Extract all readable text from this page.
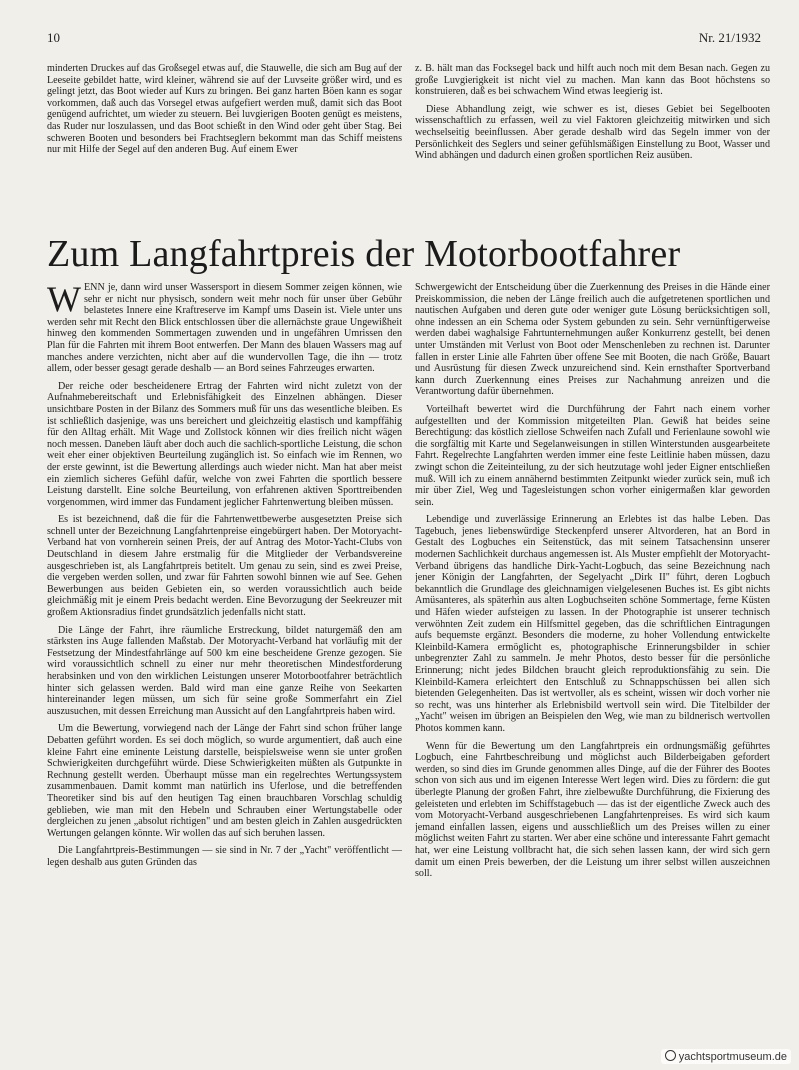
10	Nr. 21/1932

minderten Druckes auf das Großsegel etwas auf, die Stauwelle, die sich am Bug auf der Leeseite gebildet hatte, wird kleiner, während sie auf der Luvseite größer wird, und es gelingt jetzt, das Boot wieder auf Kurs zu bringen. Bei ganz harten Böen kann es sogar vorkommen, daß auch das Vorsegel etwas aufgefiert werden muß, damit sich das Boot genügend aufrichtet, um wieder zu steuern. Bei luvgierigen Booten genügt es meistens, das Ruder nur loszulassen, und das Boot schießt in den Wind oder geht über Stag. Bei schweren Booten und besonders bei Frachtseglern bekommt man das Schiff meistens nur mit Hilfe der Segel auf den anderen Bug. Auf einem Ewer

z. B. hält man das Focksegel back und hilft auch noch mit dem Besan nach. Gegen zu große Luvgierigkeit ist nicht viel zu machen. Man kann das Boot höchstens so konstruieren, daß es bei schwachem Wind etwas leegierig ist.

Diese Abhandlung zeigt, wie schwer es ist, dieses Gebiet bei Segelbooten wissenschaftlich zu erfassen, weil zu viel Faktoren gleichzeitig mitwirken und sich wechselseitig beeinflussen. Aber gerade deshalb wird das Segeln immer von der Persönlichkeit des Seglers und seiner gefühlsmäßigen Einstellung zu Boot, Wasser und Wind abhängen und dadurch einen großen sportlichen Reiz ausüben.

Zum Langfahrtpreis der Motorbootfahrer

WENN je, dann wird unser Wassersport in diesem Sommer zeigen können, wie sehr er nicht nur physisch, sondern weit mehr noch für unser über Gebühr belastetes Innere eine Kraftreserve im Kampf ums Dasein ist. Viele unter uns werden sehr mit Recht den Blick entschlossen über die allernächste graue Ungewißheit hinweg den kommenden Sommertagen zuwenden und in ungefähren Umrissen den Plan für die Fahrten mit ihrem Boot entwerfen. Der Mann des blauen Wassers mag auf manches andere verzichten, nicht aber auf die wundervollen Tage, die ihn — trotz allem, oder besser gesagt gerade deshalb — an Bord seines Fahrzeuges erwarten.

Der reiche oder bescheidenere Ertrag der Fahrten wird nicht zuletzt von der Aufnahmebereitschaft und Erlebnisfähigkeit des Einzelnen abhängen. Dieser unsichtbare Posten in der Bilanz des Sommers muß für uns das wesentliche bleiben. Es ist schließlich dasjenige, was uns bereichert und gleichzeitig elastisch und kampffähig für den Alltag erhält. Mit Wage und Zollstock können wir dies freilich nicht wägen noch messen. Daneben läuft aber doch auch die sachlich-sportliche Leistung, die schon weit eher einer objektiven Beurteilung zugänglich ist. So einfach wie im Rennen, wo der erste gewinnt, ist die Bewertung allerdings auch wieder nicht. Man hat aber meist ein ziemlich sicheres Gefühl dafür, welche von zwei Fahrten die sportlich bessere Leistung darstellt. Eine solche Beurteilung, von erfahrenen aktiven Sporttreibenden vorgenommen, wird immer das Fundament jeglicher Fahrtenwertung bleiben müssen.

Es ist bezeichnend, daß die für die Fahrtenwettbewerbe ausgesetzten Preise sich schnell unter der Bezeichnung Langfahrtenpreise eingebürgert haben. Der Motoryacht-Verband hat von vornherein seinen Preis, der auf Antrag des Motor-Yacht-Clubs von Deutschland in diesem Jahre erstmalig für die Mitglieder der Verbandsvereine ausgeschrieben ist, als Langfahrtpreis betitelt. Um genau zu sein, sind es zwei Preise, die vergeben werden sollen, und zwar für Fahrten sowohl binnen wie auf See. Gehen Bewerbungen aus beiden Gebieten ein, so werden voraussichtlich auch beide gleichmäßig mit je einem Preis bedacht werden. Eine Bevorzugung der Seekreuzer mit großem Aktionsradius findet grundsätzlich jedenfalls nicht statt.

Die Länge der Fahrt, ihre räumliche Erstreckung, bildet naturgemäß den am stärksten ins Auge fallenden Maßstab. Der Motoryacht-Verband hat vorläufig mit der Festsetzung der Mindestfahrlänge auf 500 km eine bescheidene Grenze gezogen. Sie wird voraussichtlich schnell zu einer nur mehr theoretischen Mindestforderung herabsinken und von den wirklichen Leistungen unserer Motorbootfahrer beträchtlich hinter sich gelassen werden. Bald wird man eine ganze Reihe von Seekarten hintereinander legen müssen, um sich für seine große Sommerfahrt ein Ziel auszusuchen, mit dessen Erreichung man Aussicht auf den Langfahrtpreis haben wird.

Um die Bewertung, vorwiegend nach der Länge der Fahrt sind schon früher lange Debatten geführt worden. Es sei doch möglich, so wurde argumentiert, daß auch eine kleine Fahrt eine eminente Leistung darstelle, beispielsweise wenn sie unter großen Schwierigkeiten durchgeführt würde. Diese Schwierigkeiten müßten als Gutpunkte in Rechnung gestellt werden. Überhaupt müsse man ein regelrechtes Wertungssystem zusammenbauen. Damit kommt man natürlich ins Uferlose, und die betreffenden Theoretiker sind bis auf den heutigen Tag einen brauchbaren Vorschlag schuldig geblieben, wie man mit den Hebeln und Schrauben einer Wertungstabelle oder dergleichen zu jenen „absolut richtigen" und am besten gleich in Zahlen ausgedrückten Wertungen gelangen könnte. Wir wollen das auf sich beruhen lassen.

Die Langfahrtpreis-Bestimmungen — sie sind in Nr. 7 der „Yacht" veröffentlicht — legen deshalb aus guten Gründen das

Schwergewicht der Entscheidung über die Zuerkennung des Preises in die Hände einer Preiskommission, die neben der Länge freilich auch die aufgetretenen sportlichen und nautischen Aufgaben und deren gute oder weniger gute Lösung berücksichtigen soll, ohne indessen an ein Schema oder System gebunden zu sein. Sehr vernünftigerweise werden dabei waghalsige Fahrtunternehmungen außer Konkurrenz gestellt, bei denen unter Umständen mit Verlust von Boot oder Menschenleben zu rechnen ist. Darunter fallen in erster Linie alle Fahrten über offene See mit Booten, die nach Größe, Bauart und Ausrüstung für diesen Zweck unzureichend sind. Kein ernsthafter Sportverband kann durch Zuerkennung eines Preises zur Nachahmung anreizen und die Verantwortung dafür übernehmen.

Vorteilhaft bewertet wird die Durchführung der Fahrt nach einem vorher aufgestellten und der Kommission mitgeteilten Plan. Gewiß hat beides seine Berechtigung: das köstlich ziellose Schweifen nach Zufall und Ferienlaune sowohl wie die sorgfältig mit Karte und Segelanweisungen in stillen Winterstunden ausgearbeitete Fahrt. Regelrechte Langfahrten werden immer eine feste Leitlinie haben müssen, dazu zwingt schon die Zeiteinteilung, zu der sich heutzutage wohl jeder Eigner entschließen muß. Will ich zu einem annähernd bestimmten Zeitpunkt wieder zurück sein, muß ich mir über Ziel, Weg und Tagesleistungen schon vorher einigermaßen klar geworden sein.

Lebendige und zuverlässige Erinnerung an Erlebtes ist das halbe Leben. Das Tagebuch, jenes liebenswürdige Steckenpferd unserer Altvorderen, hat an Bord in Gestalt des Logbuches ein Seitenstück, das mit seinem Tatsachensinn unserer modernen Sachlichkeit durchaus angemessen ist. Als Muster empfiehlt der Motoryacht-Verband übrigens das handliche Dirk-Yacht-Logbuch, das seine Bezeichnung nach jener Königin der Langfahrten, der Segelyacht „Dirk II" führt, deren Logbuch bekanntlich die Grundlage des gleichnamigen vielgelesenen Buches ist. Es gibt nichts Amüsanteres, als späterhin aus alten Logbuchseiten schöne Sommertage, ferne Küsten und Häfen wieder aufsteigen zu lassen. In der Photographie ist unserer technisch verwöhnten Zeit zudem ein Hilfsmittel gegeben, das die schriftlichen Eintragungen aufs bequemste ergänzt. Besonders die moderne, zu hoher Vollendung entwickelte Kleinbild-Kamera ermöglicht es, photographische Erinnerungsbilder in schier unbegrenzter Zahl zu sammeln. Je mehr Photos, desto besser für die persönliche Erinnerung; nicht jedes Bildchen braucht gleich reproduktionsfähig zu sein. Die Kleinbild-Kamera erleichtert den Entschluß zu Schnappschüssen bei allen sich bietenden Gelegenheiten. Das ist wertvoller, als es scheint, wissen wir doch vorher nie so recht, was uns hinterher als Erlebnisbild wertvoll sein wird. Die Titelbilder der „Yacht" weisen im übrigen an Beispielen den Weg, wie man zu bildnerisch wertvollen Photos kommen kann.

Wenn für die Bewertung um den Langfahrtpreis ein ordnungsmäßig geführtes Logbuch, eine Fahrtbeschreibung und möglichst auch Bilderbeigaben gefordert werden, so sind dies im Grunde genommen alles Dinge, auf die der Führer des Bootes schon von sich aus und im eigenen Interesse Wert legen wird. Dies zu fördern: die gut überlegte Planung der großen Fahrt, ihre zielbewußte Durchführung, die Fixierung des geleisteten und erlebten im Schiffstagebuch — das ist der eigentliche Zweck auch des vom Motoryacht-Verband ausgeschriebenen Langfahrtenpreises. Es wird sich kaum jemand einfallen lassen, eigens und ausschließlich um des Preises willen zu einer möglichst weiten Fahrt zu starten. Wer aber eine schöne und interessante Fahrt gemacht hat, wer eine Leistung vollbracht hat, die sich sehen lassen kann, der wird sich gern damit um einen Preis bewerben, der die Leistung um ihrer selbst willen auszeichnen soll.

yachtsportmuseum.de
